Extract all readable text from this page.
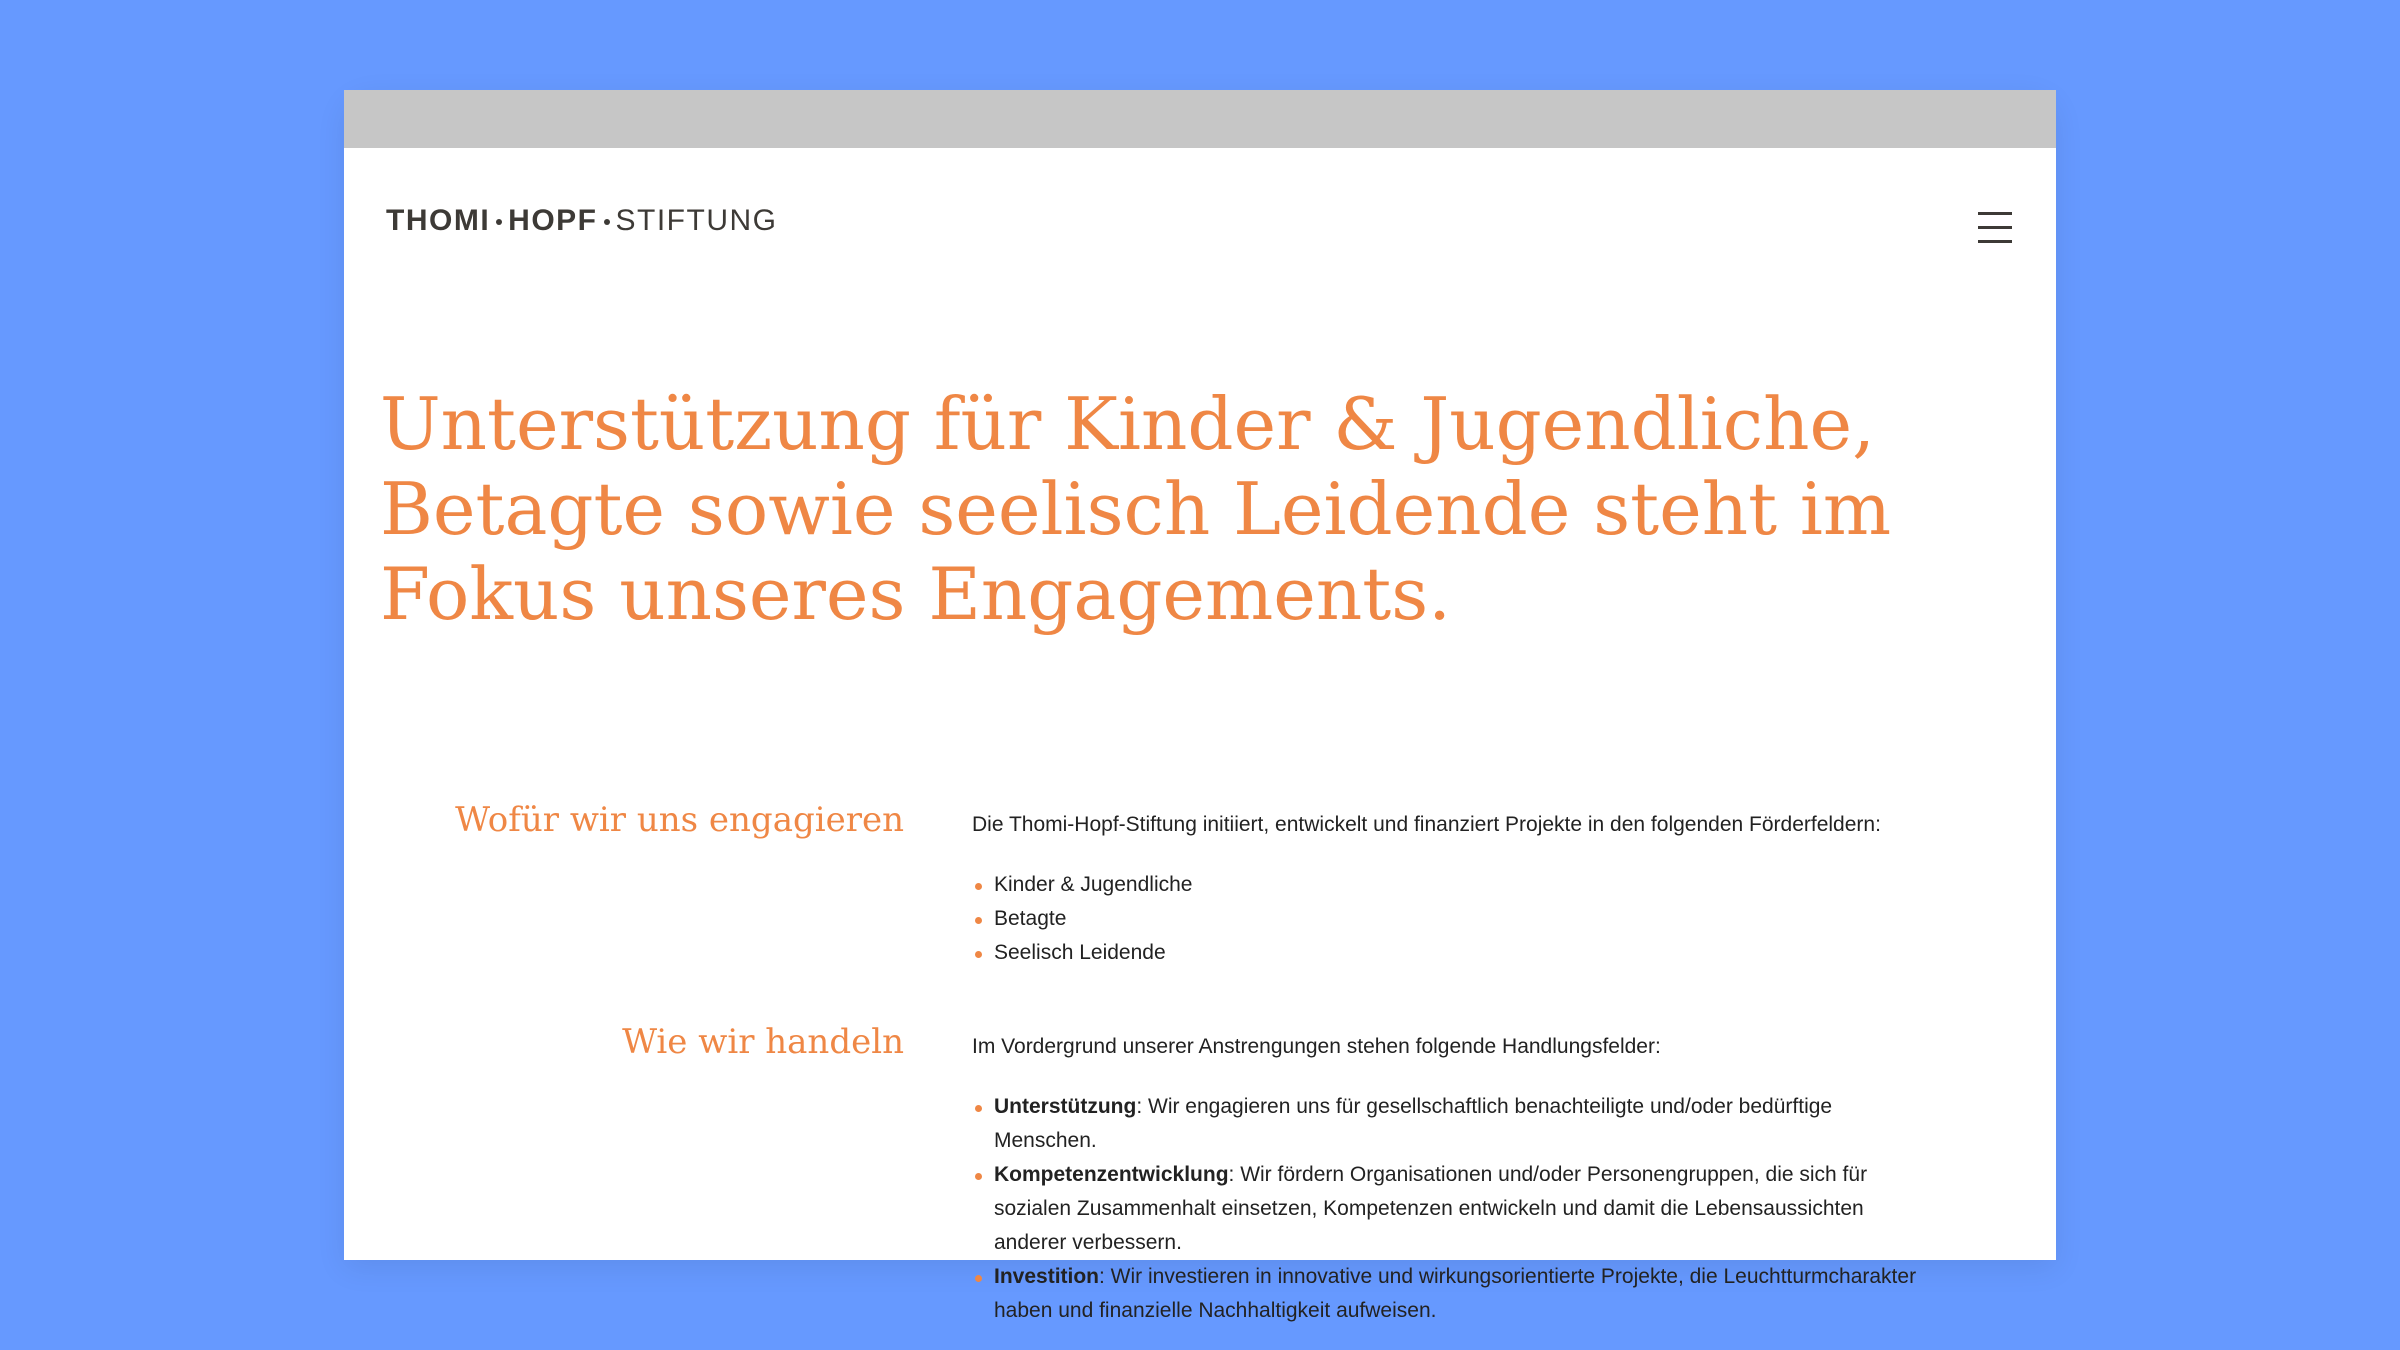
THOMI HOPF STIFTUNG
Unterstützung für Kinder & Jugendliche, Betagte sowie seelisch Leidende steht im Fokus unseres Engagements.
Wofür wir uns engagieren	Die Thomi-Hopf-Stiftung initiiert, entwickelt und finanziert Projekte in den folgenden Förderfeldern:

Kinder & Jugendliche
Betagte
Seelisch Leidende
Wie wir handeln	Im Vordergrund unserer Anstrengungen stehen folgende Handlungsfelder:

Unterstützung: Wir engagieren uns für gesellschaftlich benachteiligte und/oder bedürftige Menschen.
Kompetenzentwicklung: Wir fördern Organisationen und/oder Personengruppen, die sich für sozialen Zusammenhalt einsetzen, Kompetenzen entwickeln und damit die Lebensaussichten anderer verbessern.
Investition: Wir investieren in innovative und wirkungsorientierte Projekte, die Leuchtturmcharakter haben und finanzielle Nachhaltigkeit aufweisen.
